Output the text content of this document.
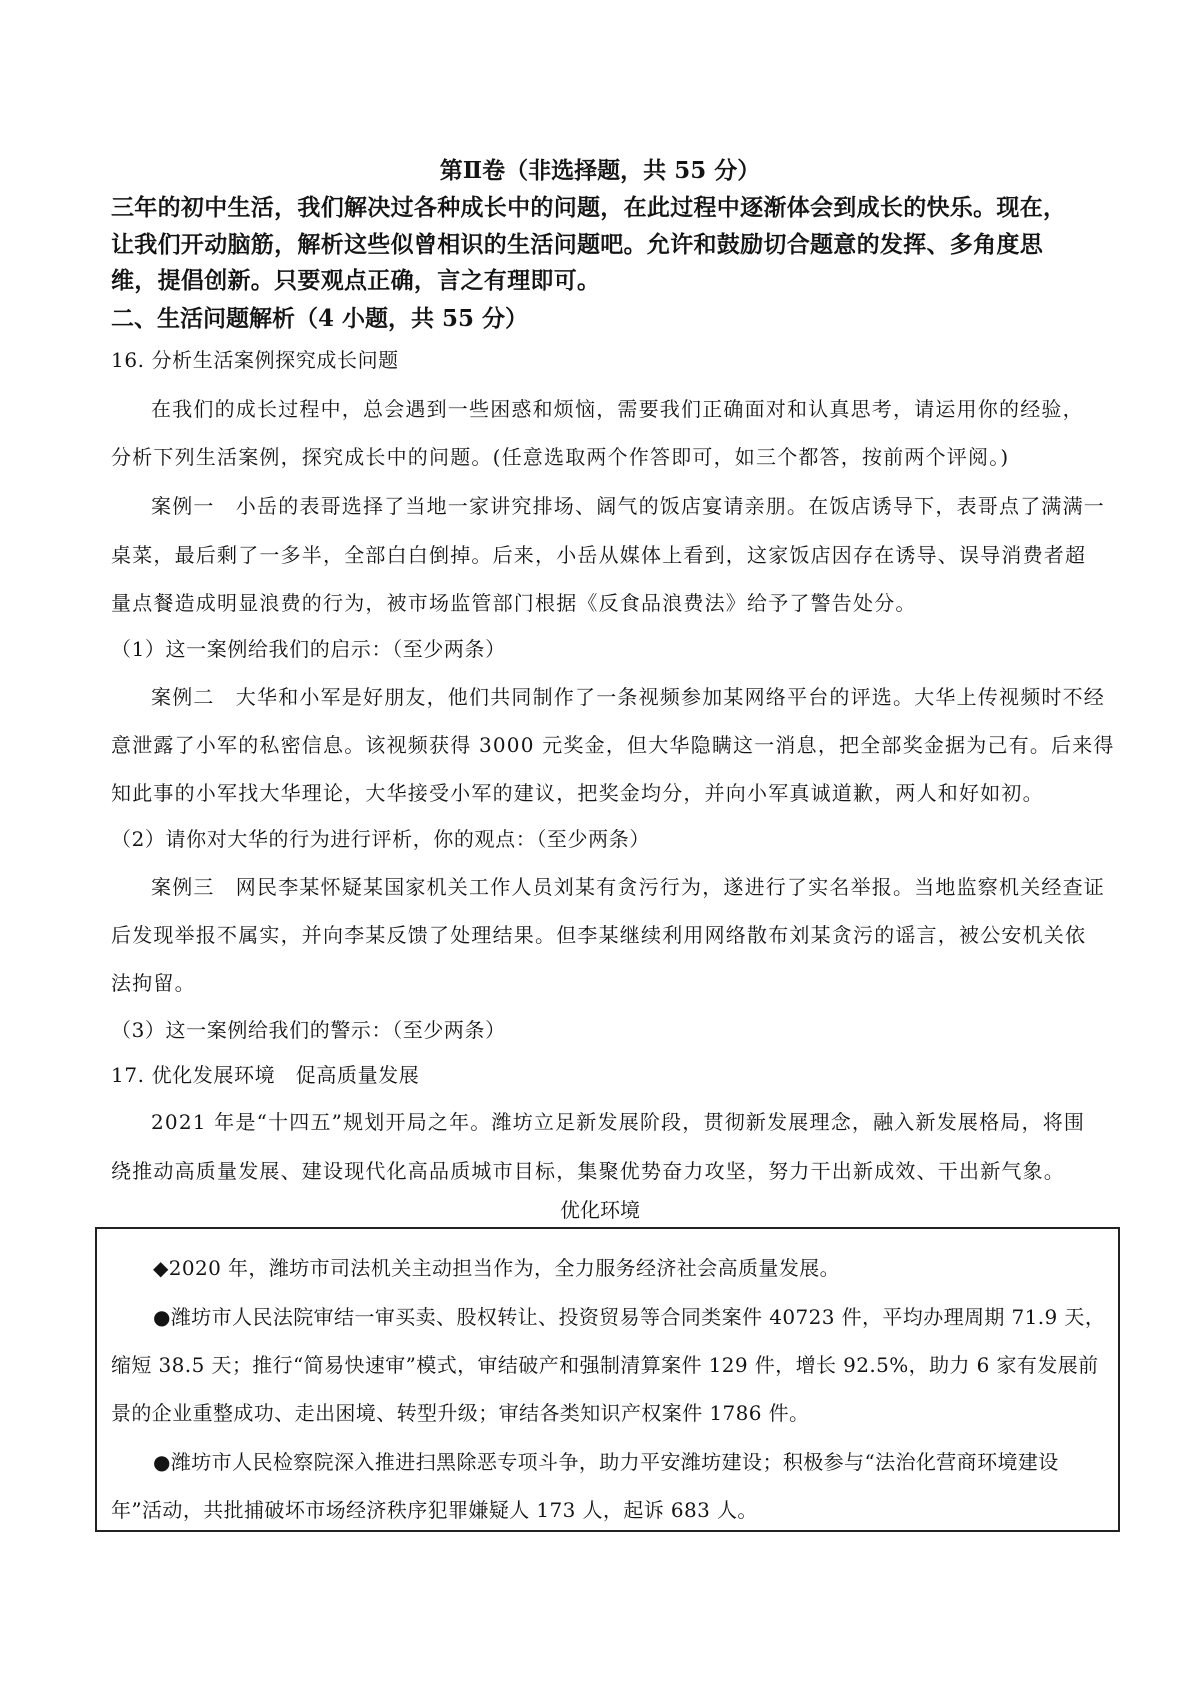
第Ⅱ卷（非选择题，共 55 分）
三年的初中生活，我们解决过各种成长中的问题，在此过程中逐渐体会到成长的快乐。现在，
让我们开动脑筋，解析这些似曾相识的生活问题吧。允许和鼓励切合题意的发挥、多角度思
维，提倡创新。只要观点正确，言之有理即可。
二、生活问题解析（4 小题，共 55 分）
16. 分析生活案例探究成长问题
在我们的成长过程中，总会遇到一些困惑和烦恼，需要我们正确面对和认真思考，请运用你的经验，
分析下列生活案例，探究成长中的问题。(任意选取两个作答即可，如三个都答，按前两个评阅。)
案例一　小岳的表哥选择了当地一家讲究排场、阔气的饭店宴请亲朋。在饭店诱导下，表哥点了满满一
桌菜，最后剩了一多半，全部白白倒掉。后来，小岳从媒体上看到，这家饭店因存在诱导、误导消费者超
量点餐造成明显浪费的行为，被市场监管部门根据《反食品浪费法》给予了警告处分。
（1）这一案例给我们的启示：（至少两条）
案例二　大华和小军是好朋友，他们共同制作了一条视频参加某网络平台的评选。大华上传视频时不经
意泄露了小军的私密信息。该视频获得 3000 元奖金，但大华隐瞒这一消息，把全部奖金据为己有。后来得
知此事的小军找大华理论，大华接受小军的建议，把奖金均分，并向小军真诚道歉，两人和好如初。
（2）请你对大华的行为进行评析，你的观点：（至少两条）
案例三　网民李某怀疑某国家机关工作人员刘某有贪污行为，遂进行了实名举报。当地监察机关经查证
后发现举报不属实，并向李某反馈了处理结果。但李某继续利用网络散布刘某贪污的谣言，被公安机关依
法拘留。
（3）这一案例给我们的警示：（至少两条）
17. 优化发展环境　促高质量发展
2021 年是“十四五”规划开局之年。潍坊立足新发展阶段，贯彻新发展理念，融入新发展格局，将围
绕推动高质量发展、建设现代化高品质城市目标，集聚优势奋力攻坚，努力干出新成效、干出新气象。
优化环境
◆2020 年，潍坊市司法机关主动担当作为，全力服务经济社会高质量发展。
●潍坊市人民法院审结一审买卖、股权转让、投资贸易等合同类案件 40723 件，平均办理周期 71.9 天，
缩短 38.5 天；推行“简易快速审”模式，审结破产和强制清算案件 129 件，增长 92.5%，助力 6 家有发展前
景的企业重整成功、走出困境、转型升级；审结各类知识产权案件 1786 件。
●潍坊市人民检察院深入推进扫黑除恶专项斗争，助力平安潍坊建设；积极参与“法治化营商环境建设
年”活动，共批捕破坏市场经济秩序犯罪嫌疑人 173 人，起诉 683 人。
